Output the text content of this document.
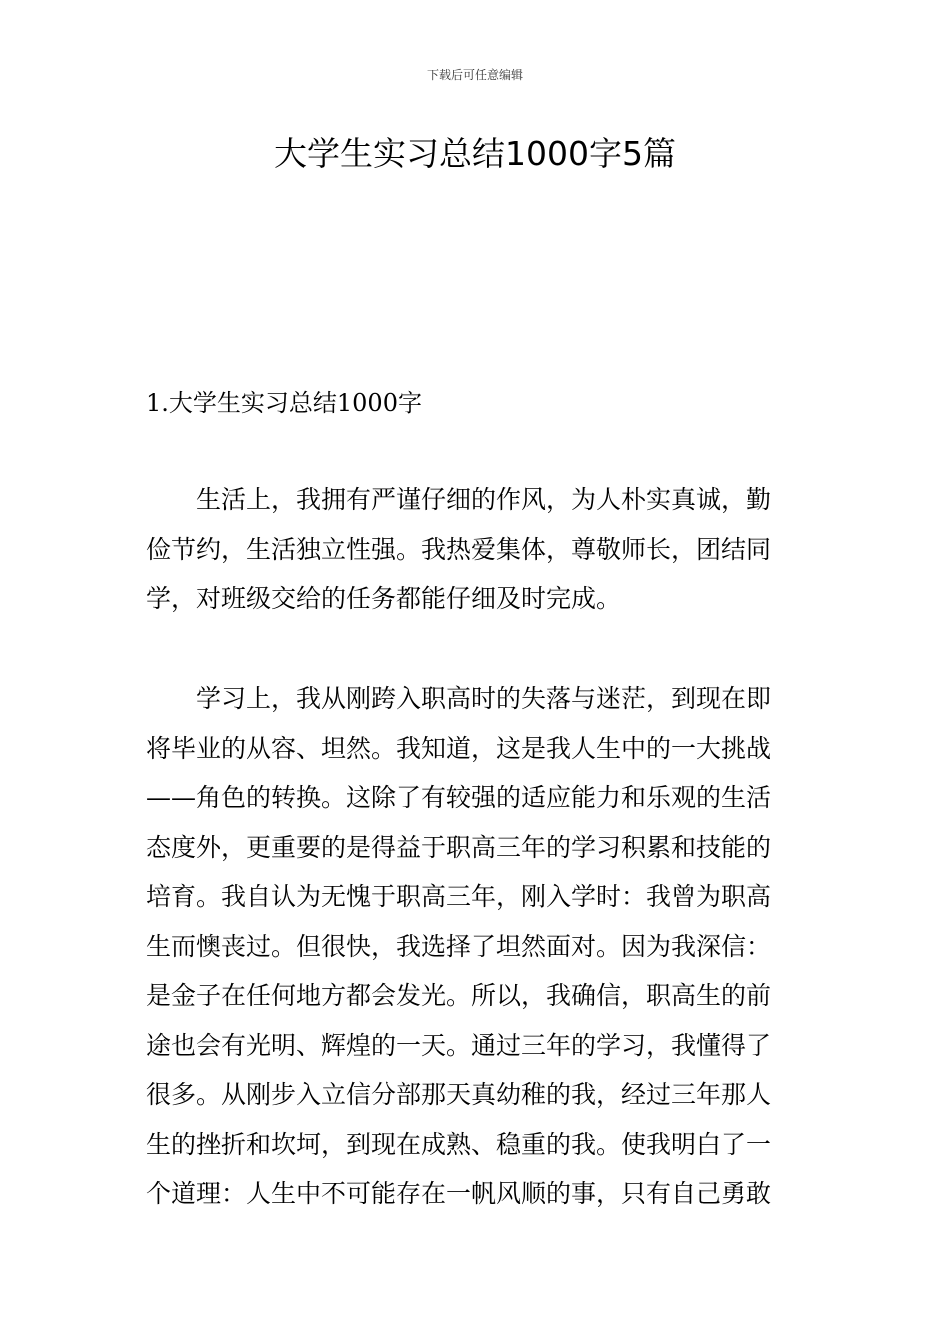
下载后可任意编辑
大学生实习总结1000字5篇
1.大学生实习总结1000字
　　生活上，我拥有严谨仔细的作风，为人朴实真诚，勤
俭节约，生活独立性强。我热爱集体，尊敬师长，团结同
学，对班级交给的任务都能仔细及时完成。
　　学习上，我从刚跨入职高时的失落与迷茫，到现在即
将毕业的从容、坦然。我知道，这是我人生中的一大挑战
——角色的转换。这除了有较强的适应能力和乐观的生活
态度外，更重要的是得益于职高三年的学习积累和技能的
培育。我自认为无愧于职高三年，刚入学时：我曾为职高
生而懊丧过。但很快，我选择了坦然面对。因为我深信：
是金子在任何地方都会发光。所以，我确信，职高生的前
途也会有光明、辉煌的一天。通过三年的学习，我懂得了
很多。从刚步入立信分部那天真幼稚的我，经过三年那人
生的挫折和坎坷，到现在成熟、稳重的我。使我明白了一
个道理：人生中不可能存在一帆风顺的事，只有自己勇敢
